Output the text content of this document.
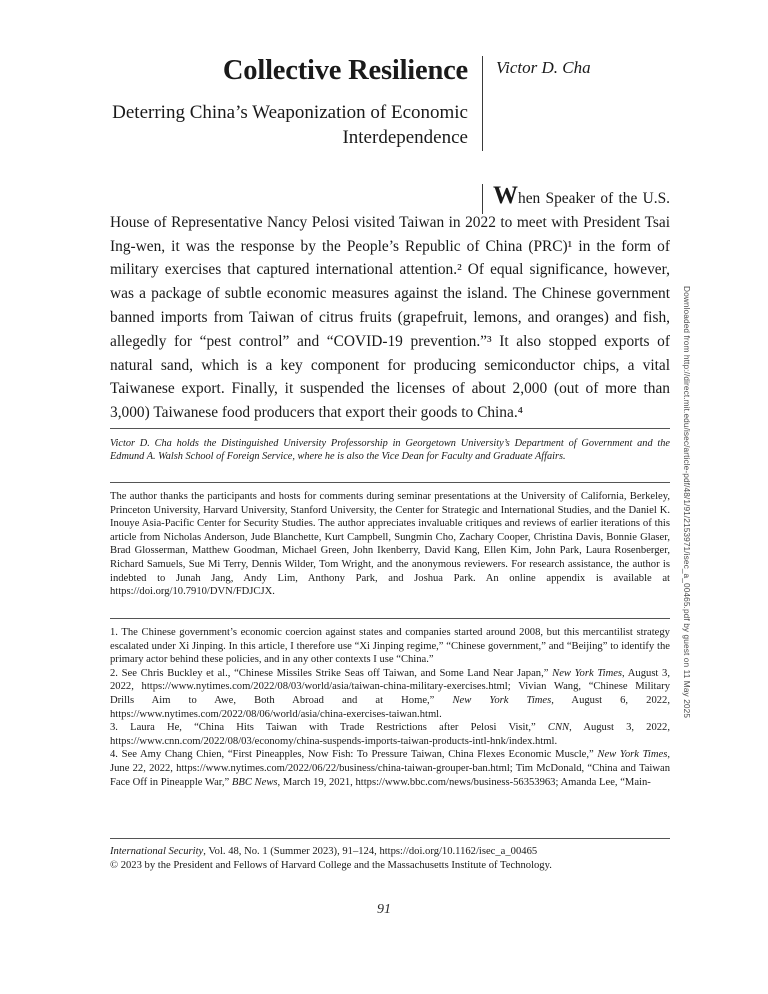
Collective Resilience
Deterring China’s Weaponization of Economic Interdependence
Victor D. Cha

When Speaker of the U.S. House of Representative Nancy Pelosi visited Taiwan in 2022 to meet with President Tsai Ing-wen, it was the response by the People’s Republic of China (PRC)¹ in the form of military exercises that captured international attention.² Of equal significance, however, was a package of subtle economic measures against the island. The Chinese government banned imports from Taiwan of citrus fruits (grapefruit, lemons, and oranges) and fish, allegedly for “pest control” and “COVID-19 prevention.”³ It also stopped exports of natural sand, which is a key component for producing semiconductor chips, a vital Taiwanese export. Finally, it suspended the licenses of about 2,000 (out of more than 3,000) Taiwanese food producers that export their goods to China.⁴

Victor D. Cha holds the Distinguished University Professorship in Georgetown University’s Department of Government and the Edmund A. Walsh School of Foreign Service, where he is also the Vice Dean for Faculty and Graduate Affairs.
The author thanks the participants and hosts for comments during seminar presentations at the University of California, Berkeley, Princeton University, Harvard University, Stanford University, the Center for Strategic and International Studies, and the Daniel K. Inouye Asia-Pacific Center for Security Studies. The author appreciates invaluable critiques and reviews of earlier iterations of this article from Nicholas Anderson, Jude Blanchette, Kurt Campbell, Sungmin Cho, Zachary Cooper, Christina Davis, Bonnie Glaser, Brad Glosserman, Matthew Goodman, Michael Green, John Ikenberry, David Kang, Ellen Kim, John Park, Laura Rosenberger, Richard Samuels, Sue Mi Terry, Dennis Wilder, Tom Wright, and the anonymous reviewers. For research assistance, the author is indebted to Junah Jang, Andy Lim, Anthony Park, and Joshua Park. An online appendix is available at https://doi.org/10.7910/DVN/FDJCJX.

1. The Chinese government’s economic coercion against states and companies started around 2008, but this mercantilist strategy escalated under Xi Jinping. In this article, I therefore use “Xi Jinping regime,” “Chinese government,” and “Beijing” to identify the primary actor behind these policies, and in any other contexts I use “China.”

2. See Chris Buckley et al., “Chinese Missiles Strike Seas off Taiwan, and Some Land Near Japan,” New York Times, August 3, 2022, https://www.nytimes.com/2022/08/03/world/asia/taiwan-china-military-exercises.html; Vivian Wang, “Chinese Military Drills Aim to Awe, Both Abroad and at Home,” New York Times, August 6, 2022, https://www.nytimes.com/2022/08/06/world/asia/china-exercises-taiwan.html.

3. Laura He, “China Hits Taiwan with Trade Restrictions after Pelosi Visit,” CNN, August 3, 2022, https://www.cnn.com/2022/08/03/economy/china-suspends-imports-taiwan-products-intl-hnk/index.html.

4. See Amy Chang Chien, “First Pineapples, Now Fish: To Pressure Taiwan, China Flexes Economic Muscle,” New York Times, June 22, 2022, https://www.nytimes.com/2022/06/22/business/china-taiwan-grouper-ban.html; Tim McDonald, “China and Taiwan Face Off in Pineapple War,” BBC News, March 19, 2021, https://www.bbc.com/news/business-56353963; Amanda Lee, “Main-

International Security, Vol. 48, No. 1 (Summer 2023), 91–124, https://doi.org/10.1162/isec_a_00465

© 2023 by the President and Fellows of Harvard College and the Massachusetts Institute of Technology.

91
Downloaded from http://direct.mit.edu/isec/article-pdf/48/1/91/2153971/isec_a_00465.pdf by guest on 11 May 2025
